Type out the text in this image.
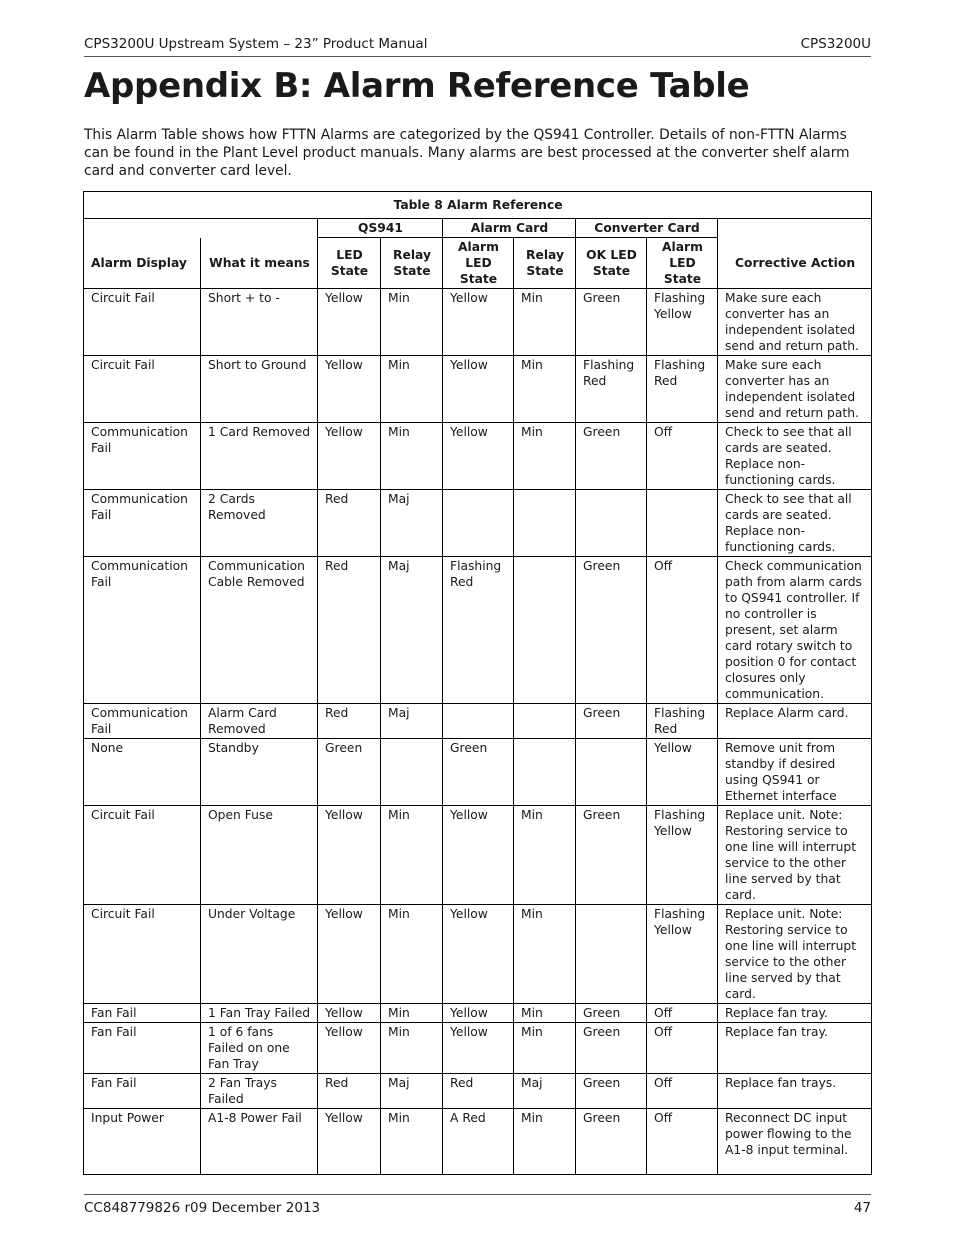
CPS3200U Upstream System – 23” Product Manual	CPS3200U
Appendix B: Alarm Reference Table

This Alarm Table shows how FTTN Alarms are categorized by the QS941 Controller. Details of non-FTTN Alarms can be found in the Plant Level product manuals. Many alarms are best processed at the converter shelf alarm card and converter card level.

Table 8 Alarm Reference								
		QS941		Alarm Card		Converter Card		
Alarm Display	What it means	LED State	Relay State	Alarm LED State	Relay State	OK LED State	Alarm LED State	Corrective Action
Circuit Fail	Short + to -	Yellow	Min	Yellow	Min	Green	Flashing Yellow	Make sure each converter has an independent isolated send and return path.
Circuit Fail	Short to Ground	Yellow	Min	Yellow	Min	Flashing Red	Flashing Red	Make sure each converter has an independent isolated send and return path.
Communication Fail	1 Card Removed	Yellow	Min	Yellow	Min	Green	Off	Check to see that all cards are seated. Replace non-functioning cards.
Communication Fail	2 Cards Removed	Red	Maj					Check to see that all cards are seated. Replace non-functioning cards.
Communication Fail	Communication Cable Removed	Red	Maj	Flashing Red		Green	Off	Check communication path from alarm cards to QS941 controller. If no controller is present, set alarm card rotary switch to position 0 for contact closures only communication.
Communication Fail	Alarm Card Removed	Red	Maj			Green	Flashing Red	Replace Alarm card.
None	Standby	Green		Green			Yellow	Remove unit from standby if desired using QS941 or Ethernet interface
Circuit Fail	Open Fuse	Yellow	Min	Yellow	Min	Green	Flashing Yellow	Replace unit. Note: Restoring service to one line will interrupt service to the other line served by that card.
Circuit Fail	Under Voltage	Yellow	Min	Yellow	Min		Flashing Yellow	Replace unit. Note: Restoring service to one line will interrupt service to the other line served by that card.
Fan Fail	1 Fan Tray Failed	Yellow	Min	Yellow	Min	Green	Off	Replace fan tray.
Fan Fail	1 of 6 fans Failed on one Fan Tray	Yellow	Min	Yellow	Min	Green	Off	Replace fan tray.
Fan Fail	2 Fan Trays Failed	Red	Maj	Red	Maj	Green	Off	Replace fan trays.
Input Power	A1-8 Power Fail	Yellow	Min	A Red	Min	Green	Off	Reconnect DC input power flowing to the A1-8 input terminal.
CC848779826 r09 December 2013	47
